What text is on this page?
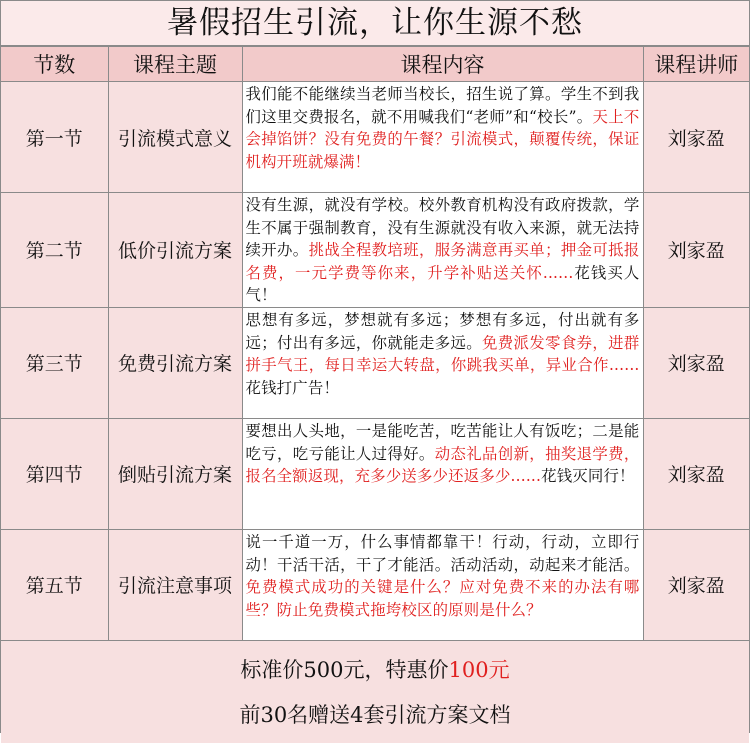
暑假招生引流，让你生源不愁
节数	课程主题	课程内容	课程讲师
第一节	引流模式意义	我们能不能继续当老师当校长，招生说了算。学生不到我们这里交费报名，就不用喊我们“老师”和“校长”。天上不会掉馅饼？没有免费的午餐？引流模式，颠覆传统，保证机构开班就爆满！	刘家盈
第二节	低价引流方案	没有生源，就没有学校。校外教育机构没有政府拨款，学生不属于强制教育，没有生源就没有收入来源，就无法持续开办。挑战全程教培班，服务满意再买单；押金可抵报名费，一元学费等你来，升学补贴送关怀......花钱买人气！	刘家盈
第三节	免费引流方案	思想有多远，梦想就有多远；梦想有多远，付出就有多远；付出有多远，你就能走多远。免费派发零食券，进群拼手气王，每日幸运大转盘，你跳我买单，异业合作......花钱打广告！	刘家盈
第四节	倒贴引流方案	要想出人头地，一是能吃苦，吃苦能让人有饭吃；二是能吃亏，吃亏能让人过得好。动态礼品创新，抽奖退学费，报名全额返现，充多少送多少还返多少......花钱灭同行！	刘家盈
第五节	引流注意事项	说一千道一万，什么事情都靠干！行动，行动，立即行动！干活干活，干了才能活。活动活动，动起来才能活。免费模式成功的关键是什么？应对免费不来的办法有哪些？防止免费模式拖垮校区的原则是什么？	刘家盈
标准价500元，特惠价100元
前30名赠送4套引流方案文档
